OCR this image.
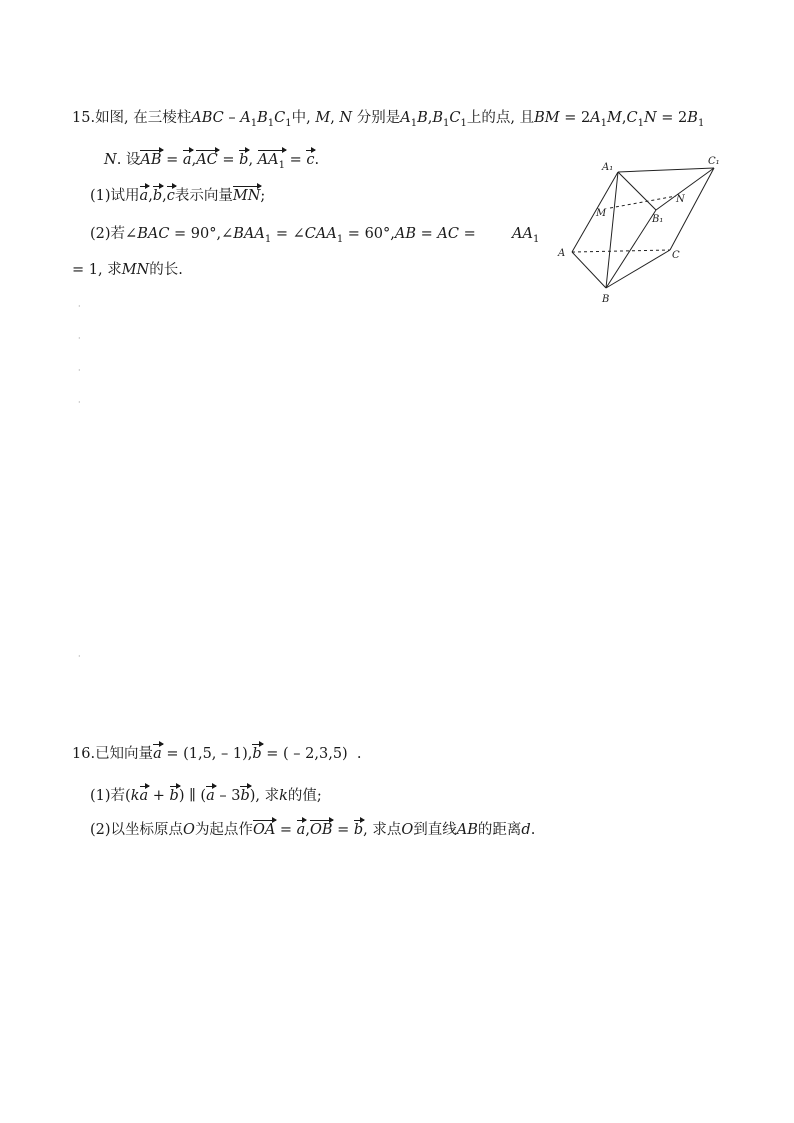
15.如图, 在三棱柱ABC – $A_1B_1C_1$中, M, N 分别是$A_1B,B_1C_1$上的点, 且BM = $2A_1M,C_1N = 2B_1$
N. 设AB = a,AC = b, $AA_1 = c$.
(1)试用a,b,c表示向量MN;
(2)若∠BAC = $90^\circ,\angle BAA_1$ = $\angle CAA_1 = 60^\circ,AB$ = AC =	$AA_1$
= 1, 求MN的长.
·
·
·
·
·
A₁
C₁
M
B₁
N
A	C
B
16.已知向量a = (1,5, – 1),b = ( – 2,3,5)  .
(1)若(ka + b) ∥ (a – 3b), 求k的值;
(2)以坐标原点O为起点作OA = a,OB = b, 求点O到直线AB的距离d.
